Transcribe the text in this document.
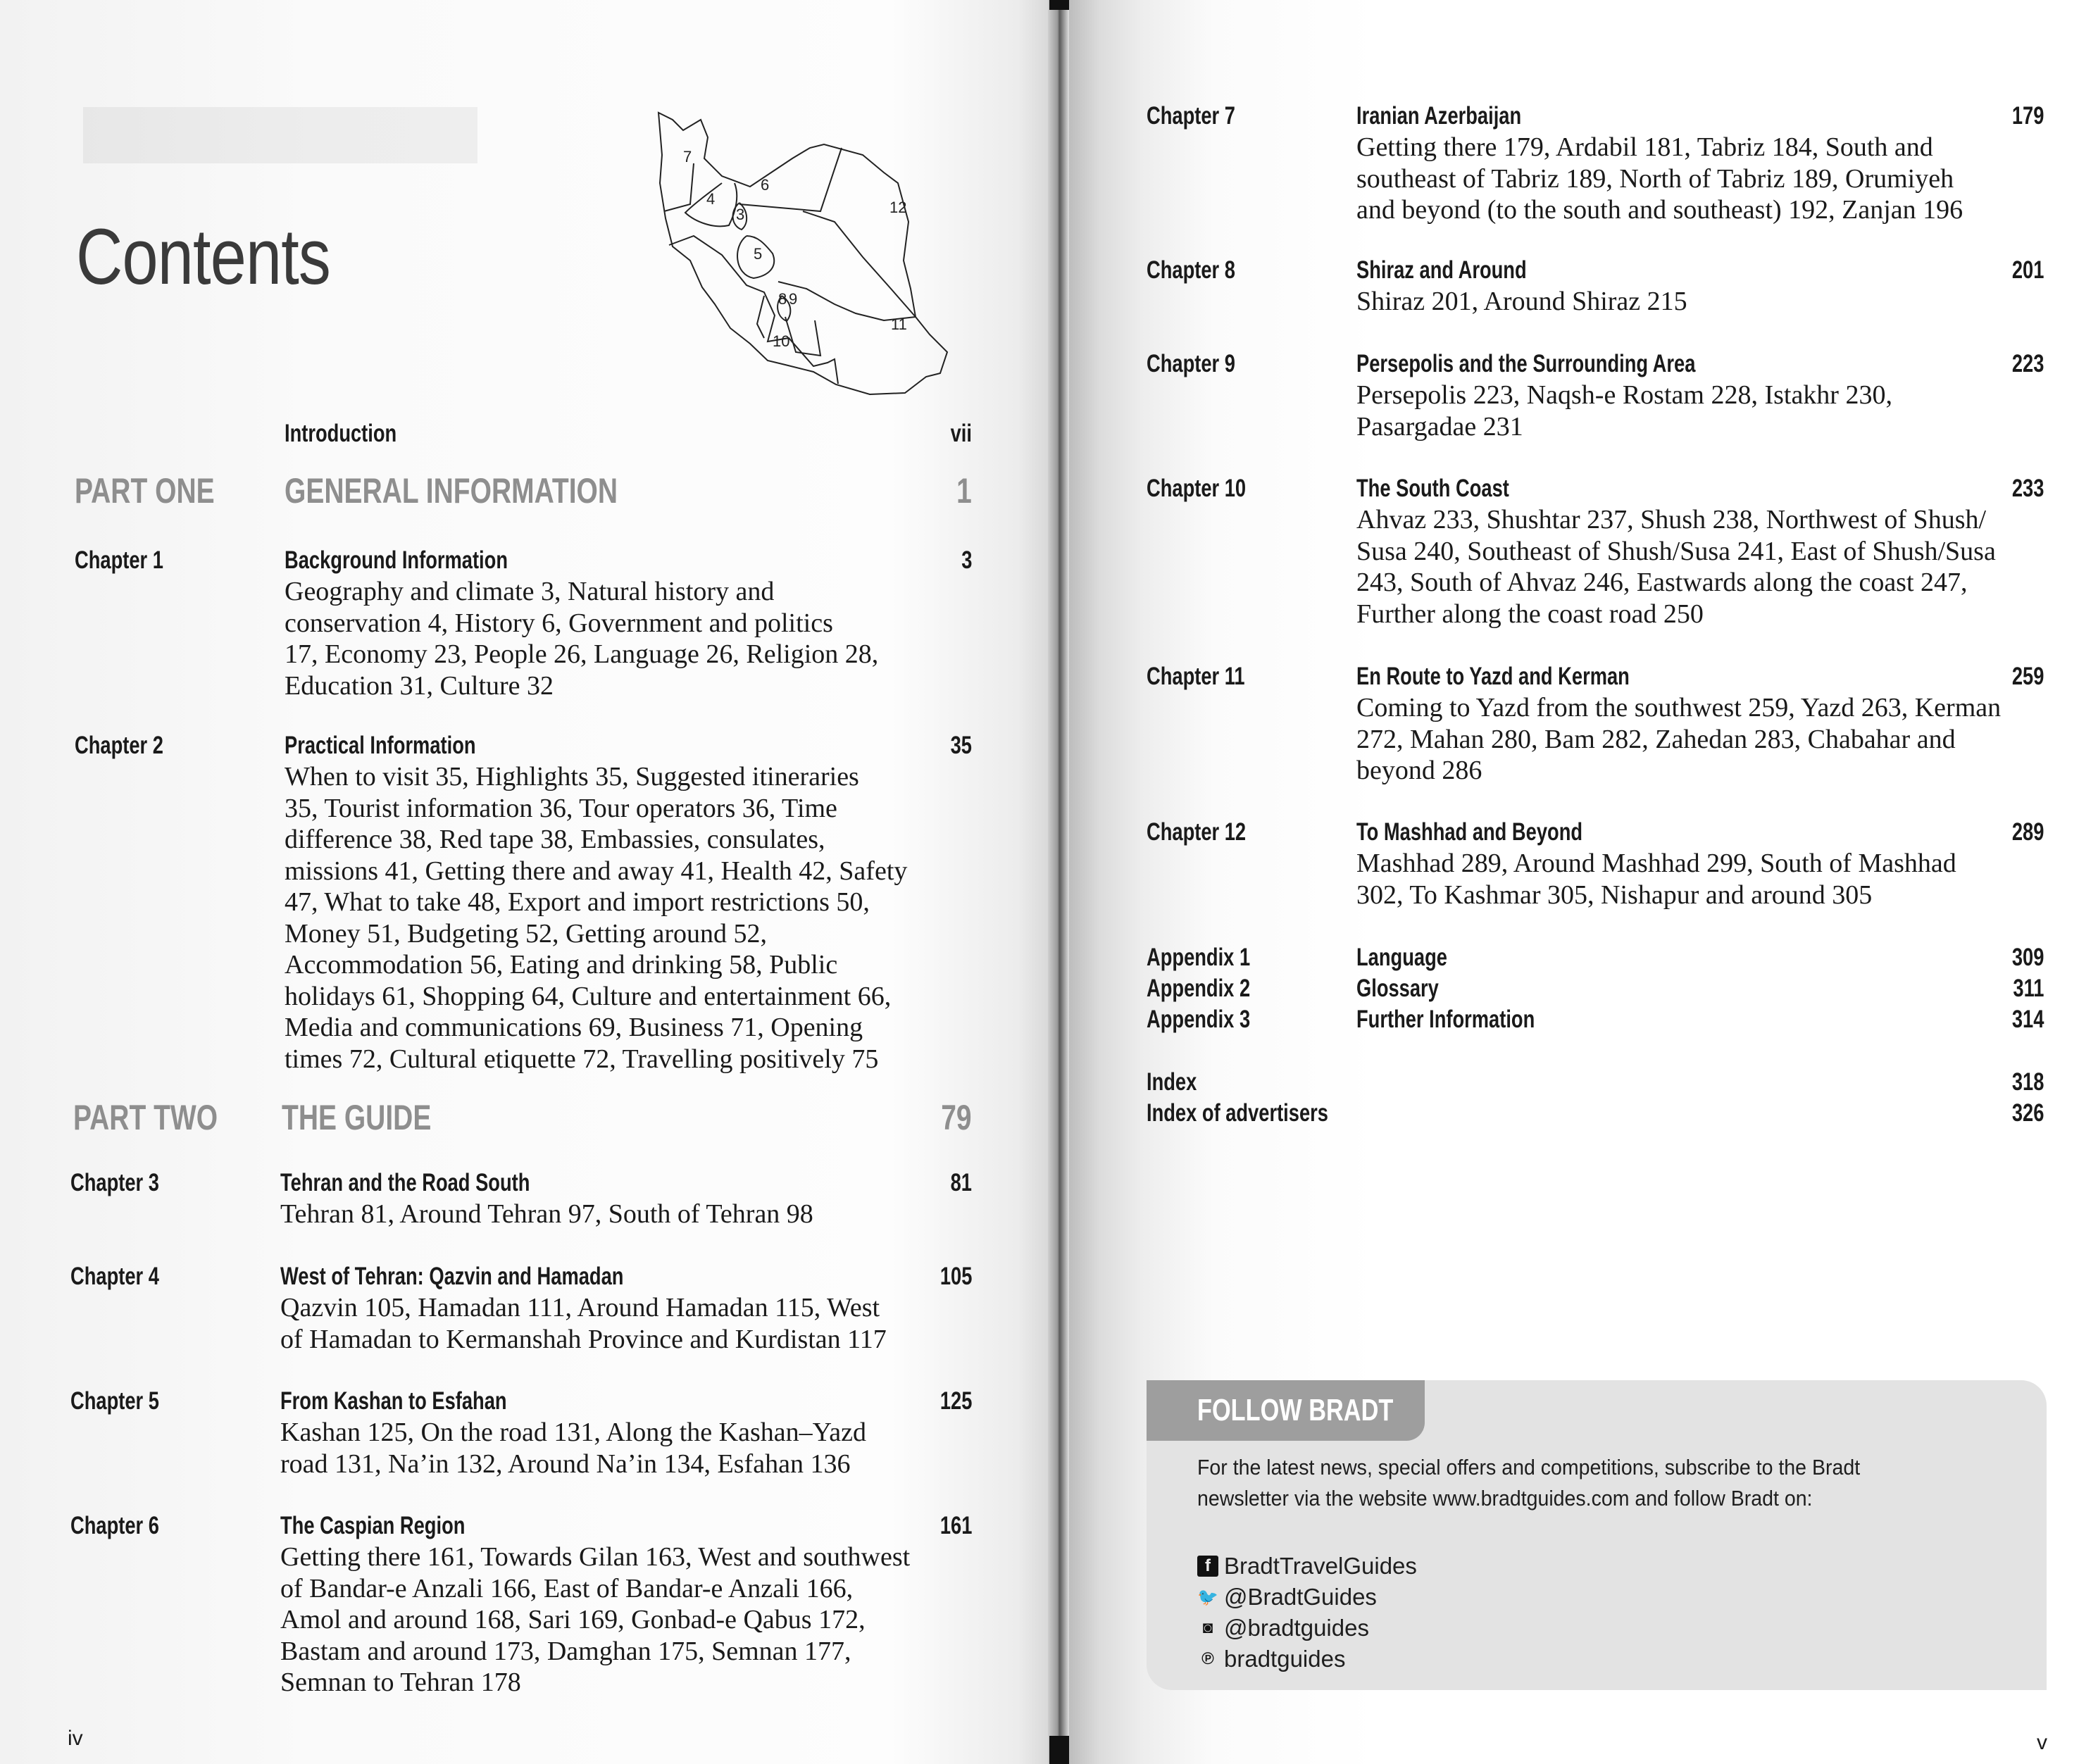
Contents
7
6
4
3	12
5
8 9
11
10
Introduction	vii
PART ONE GENERAL INFORMATION	1
Chapter 1	Background Information	3
Geography and climate 3, Natural history and
conservation 4, History 6, Government and politics
17, Economy 23, People 26, Language 26, Religion 28,
Education 31, Culture 32
Chapter 2	Practical Information	35
When to visit 35, Highlights 35, Suggested itineraries
35, Tourist information 36, Tour operators 36, Time
difference 38, Red tape 38, Embassies, consulates,
missions 41, Getting there and away 41, Health 42, Safety
47, What to take 48, Export and import restrictions 50,
Money 51, Budgeting 52, Getting around 52,
Accommodation 56, Eating and drinking 58, Public
holidays 61, Shopping 64, Culture and entertainment 66,
Media and communications 69, Business 71, Opening
times 72, Cultural etiquette 72, Travelling positively 75
PART TWO THE GUIDE	79
Chapter 3	Tehran and the Road South	81
Tehran 81, Around Tehran 97, South of Tehran 98
Chapter 4	West of Tehran: Qazvin and Hamadan	105
Qazvin 105, Hamadan 111, Around Hamadan 115, West
of Hamadan to Kermanshah Province and Kurdistan 117
Chapter 5	From Kashan to Esfahan	125
Kashan 125, On the road 131, Along the Kashan–Yazd
road 131, Na’in 132, Around Na’in 134, Esfahan 136
Chapter 6	The Caspian Region	161
Getting there 161, Towards Gilan 163, West and southwest
of Bandar-e Anzali 166, East of Bandar-e Anzali 166,
Amol and around 168, Sari 169, Gonbad-e Qabus 172,
Bastam and around 173, Damghan 175, Semnan 177,
Semnan to Tehran 178
iv	v
Chapter 7	Iranian Azerbaijan	179
Getting there 179, Ardabil 181, Tabriz 184, South and
southeast of Tabriz 189, North of Tabriz 189, Orumiyeh
and beyond (to the south and southeast) 192, Zanjan 196
Chapter 8	Shiraz and Around	201
Shiraz 201, Around Shiraz 215
Chapter 9	Persepolis and the Surrounding Area	223
Persepolis 223, Naqsh-e Rostam 228, Istakhr 230,
Pasargadae 231
Chapter 10	The South Coast	233
Ahvaz 233, Shushtar 237, Shush 238, Northwest of Shush/
Susa 240, Southeast of Shush/Susa 241, East of Shush/Susa
243, South of Ahvaz 246, Eastwards along the coast 247,
Further along the coast road 250
Chapter 11	En Route to Yazd and Kerman	259
Coming to Yazd from the southwest 259, Yazd 263, Kerman
272, Mahan 280, Bam 282, Zahedan 283, Chabahar and
beyond 286
Chapter 12	To Mashhad and Beyond	289
Mashhad 289, Around Mashhad 299, South of Mashhad
302, To Kashmar 305, Nishapur and around 305
Appendix 1	Language	309
Appendix 2	Glossary	311
Appendix 3	Further Information	314
Index	318
Index of advertisers	326
FOLLOW BRADT
For the latest news, special offers and competitions, subscribe to the Bradt
newsletter via the website www.bradtguides.com and follow Bradt on:
f BradtTravelGuides
🐦 @BradtGuides
◙ @bradtguides
℗ bradtguides
